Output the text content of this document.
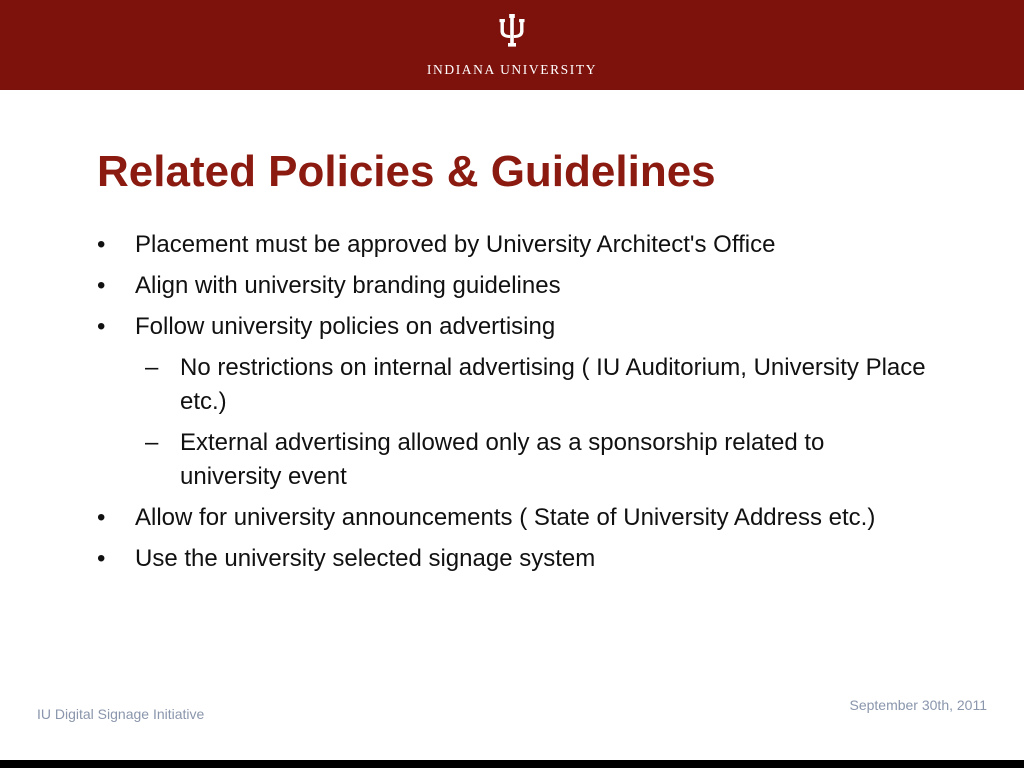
INDIANA UNIVERSITY
Related Policies & Guidelines
• Placement must be approved by University Architect's Office
• Align with university branding guidelines
• Follow university policies on advertising
– No restrictions on internal advertising ( IU Auditorium, University Place etc.)
– External advertising allowed only as a sponsorship related to university event
• Allow for university announcements ( State of University Address etc.)
• Use the university selected signage system
IU Digital Signage Initiative
September 30th, 2011
